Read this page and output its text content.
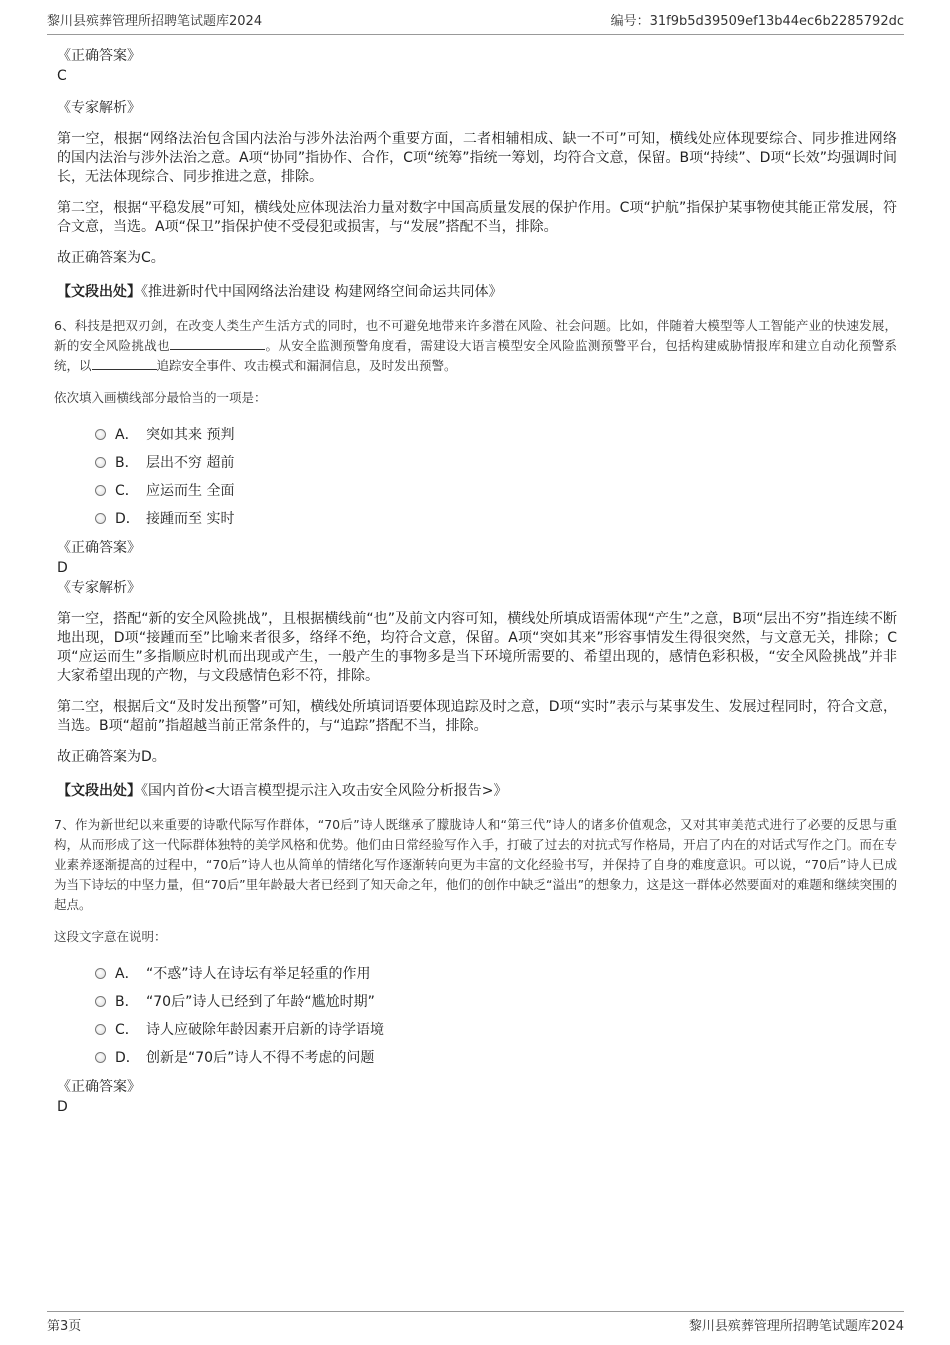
黎川县殡葬管理所招聘笔试题库2024	编号：31f9b5d39509ef13b44ec6b2285792dc

《正确答案》

C

《专家解析》

第一空，根据“网络法治包含国内法治与涉外法治两个重要方面，二者相辅相成、缺一不可”可知，横线处应体现要综合、同步推进网络的国内法治与涉外法治之意。A项“协同”指协作、合作，C项“统筹”指统一筹划，均符合文意，保留。B项“持续”、D项“长效”均强调时间长，无法体现综合、同步推进之意，排除。

第二空，根据“平稳发展”可知，横线处应体现法治力量对数字中国高质量发展的保护作用。C项“护航”指保护某事物使其能正常发展，符合文意，当选。A项“保卫”指保护使不受侵犯或损害，与“发展”搭配不当，排除。

故正确答案为C。

【文段出处】《推进新时代中国网络法治建设 构建网络空间命运共同体》

6、科技是把双刃剑，在改变人类生产生活方式的同时，也不可避免地带来许多潜在风险、社会问题。比如，伴随着大模型等人工智能产业的快速发展，新的安全风险挑战也	。从安全监测预警角度看，需建设大语言模型安全风险监测预警平台，包括构建威胁情报库和建立自动化预警系统，以	追踪安全事件、攻击模式和漏洞信息，及时发出预警。

依次填入画横线部分最恰当的一项是：

A． 突如其来 预判
B． 层出不穷 超前
C． 应运而生 全面
D． 接踵而至 实时

《正确答案》

D

《专家解析》

第一空，搭配“新的安全风险挑战”，且根据横线前“也”及前文内容可知，横线处所填成语需体现“产生”之意，B项“层出不穷”指连续不断地出现，D项“接踵而至”比喻来者很多，络绎不绝，均符合文意，保留。A项“突如其来”形容事情发生得很突然，与文意无关，排除；C项“应运而生”多指顺应时机而出现或产生，一般产生的事物多是当下环境所需要的、希望出现的，感情色彩积极，“安全风险挑战”并非大家希望出现的产物，与文段感情色彩不符，排除。

第二空，根据后文“及时发出预警”可知，横线处所填词语要体现追踪及时之意，D项“实时”表示与某事发生、发展过程同时，符合文意，当选。B项“超前”指超越当前正常条件的，与“追踪”搭配不当，排除。

故正确答案为D。

【文段出处】《国内首份<大语言模型提示注入攻击安全风险分析报告>》

7、作为新世纪以来重要的诗歌代际写作群体，“70后”诗人既继承了朦胧诗人和“第三代”诗人的诸多价值观念，又对其审美范式进行了必要的反思与重构，从而形成了这一代际群体独特的美学风格和优势。他们由日常经验写作入手，打破了过去的对抗式写作格局，开启了内在的对话式写作之门。而在专业素养逐渐提高的过程中，“70后”诗人也从简单的情绪化写作逐渐转向更为丰富的文化经验书写，并保持了自身的难度意识。可以说，“70后”诗人已成为当下诗坛的中坚力量，但“70后”里年龄最大者已经到了知天命之年，他们的创作中缺乏“溢出”的想象力，这是这一群体必然要面对的难题和继续突围的起点。

这段文字意在说明：

A． “不惑”诗人在诗坛有举足轻重的作用
B． “70后”诗人已经到了年龄“尴尬时期”
C． 诗人应破除年龄因素开启新的诗学语境
D． 创新是“70后”诗人不得不考虑的问题

《正确答案》

D

第3页	黎川县殡葬管理所招聘笔试题库2024
